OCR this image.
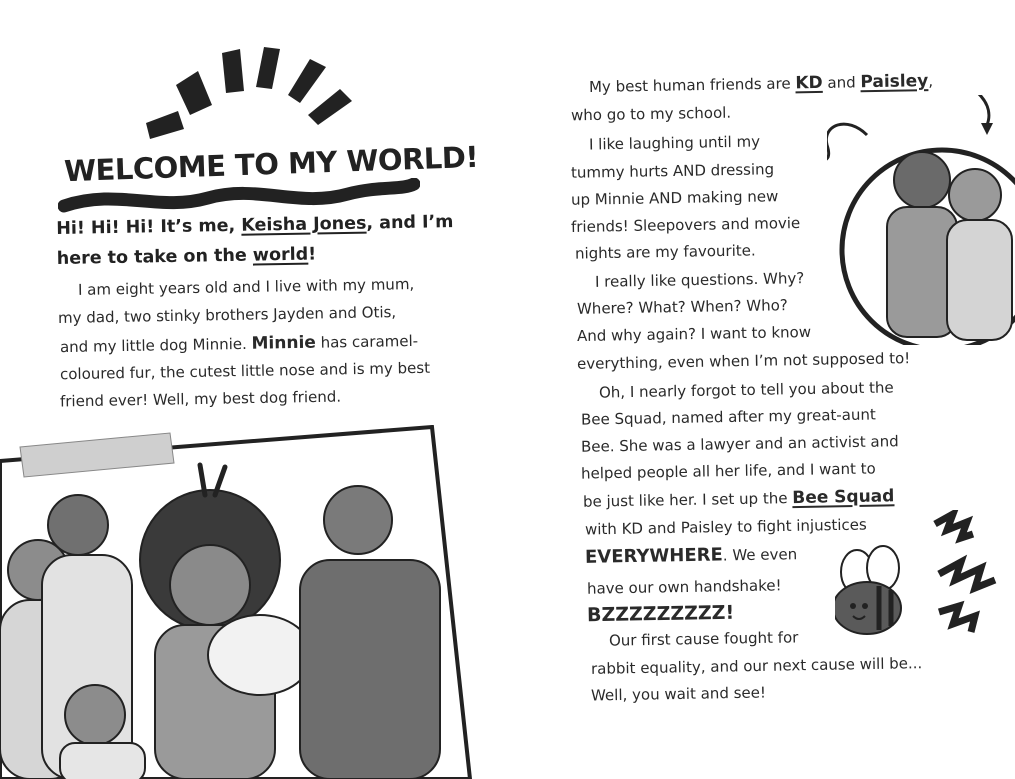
WELCOME TO MY WORLD!
Hi! Hi! Hi! It’s me, Keisha Jones, and I’m here to take on the world!
I am eight years old and I live with my mum,
my dad, two stinky brothers Jayden and Otis,
and my little dog Minnie. Minnie has caramel-
coloured fur, the cutest little nose and is my best
friend ever! Well, my best dog friend.
My best human friends are KD and Paisley,
who go to my school.
I like laughing until my
tummy hurts AND dressing
up Minnie AND making new
friends! Sleepovers and movie
nights are my favourite.
I really like questions. Why?
Where? What? When? Who?
And why again? I want to know
everything, even when I’m not supposed to!
Oh, I nearly forgot to tell you about the
Bee Squad, named after my great-aunt
Bee. She was a lawyer and an activist and
helped people all her life, and I want to
be just like her. I set up the Bee Squad
with KD and Paisley to fight injustices
EVERYWHERE. We even
have our own handshake!
BZZZZZZZZZ!
Our first cause fought for
rabbit equality, and our next cause will be...
Well, you wait and see!
